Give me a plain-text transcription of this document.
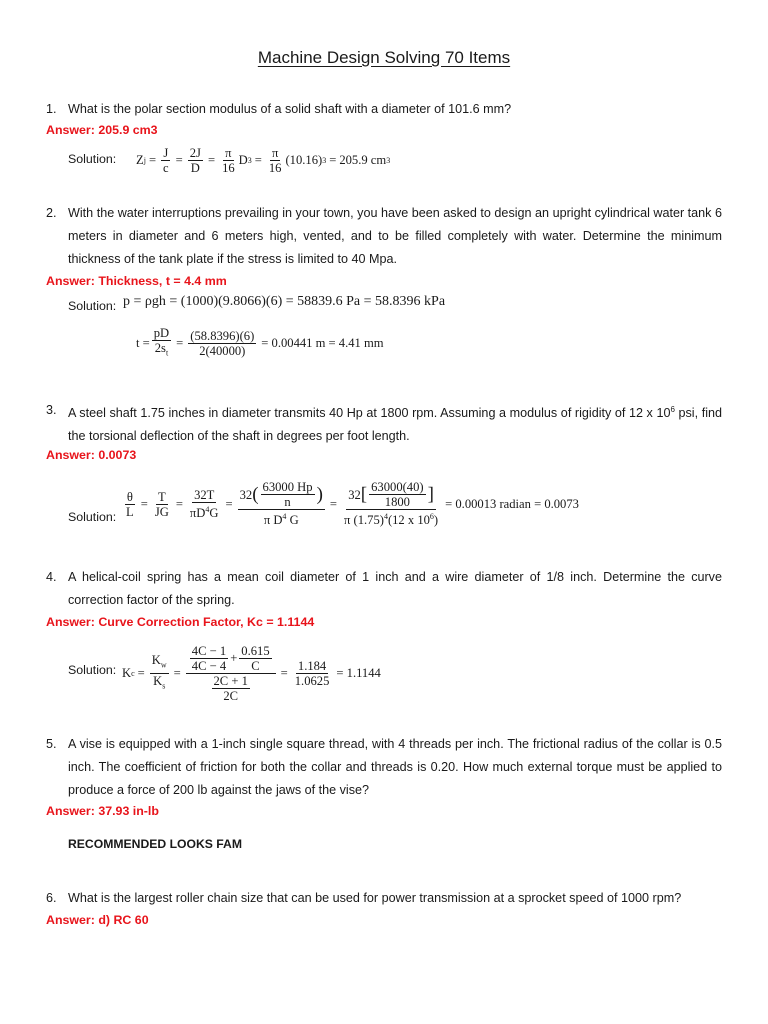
Machine Design Solving 70 Items
1. What is the polar section modulus of a solid shaft with a diameter of 101.6 mm?
Answer: 205.9 cm3
Solution: Z $j = \frac{J}{c} = \frac{2J}{D} = \frac{\pi}{16}$ D $3 = \frac{\pi}{16} (10.16) 3 = 205.9$ cm 3
2. With the water interruptions prevailing in your town, you have been asked to design an upright cylindrical water tank 6 meters in diameter and 6 meters high, vented, and to be filled completely with water. Determine the minimum thickness of the tank plate if the stress is limited to 40 Mpa.
Answer: Thickness, t = 4.4 mm
Solution: p = ρgh = (1000)(9.8066)(6) = 58839.6 Pa = 58.8396 kPa
$t = \frac{pD}{2s_t} = \frac{(58.8396)(6)}{2(40000)} = 0.00441$ m = 4.41 mm
3. A steel shaft 1.75 inches in diameter transmits 40 Hp at 1800 rpm. Assuming a modulus of rigidity of 12 x $10^6$ psi, find the torsional deflection of the shaft in degrees per foot length.
Answer: 0.0073
Solution: $\frac{\theta}{L} = \frac{T}{JG} = \frac{32T}{\pi D^4G} = \frac{32 ( \frac{63000 Hp}{n} )}{\pi D^4 G} = \frac{32 [ \frac{63000(40)}{1800} ]}{\pi (1.75)^4(12 x 10^6)} = 0.00013$ radian = 0.0073
4. A helical-coil spring has a mean coil diameter of 1 inch and a wire diameter of 1/8 inch. Determine the curve correction factor of the spring.
Answer: Curve Correction Factor, Kc = 1.1144
Solution: K $c = \frac{K_w}{K_s} = \frac{\frac{4C - 1}{4C - 4} + \frac{0.615}{C}}{\frac{2C + 1}{2C}} = \frac{1.184}{1.0625} = 1.1144$
5. A vise is equipped with a 1-inch single square thread, with 4 threads per inch. The frictional radius of the collar is 0.5 inch. The coefficient of friction for both the collar and threads is 0.20. How much external torque must be applied to produce a force of 200 lb against the jaws of the vise?
Answer: 37.93 in-lb
RECOMMENDED LOOKS FAM
6. What is the largest roller chain size that can be used for power transmission at a sprocket speed of 1000 rpm?
Answer: d) RC 60
